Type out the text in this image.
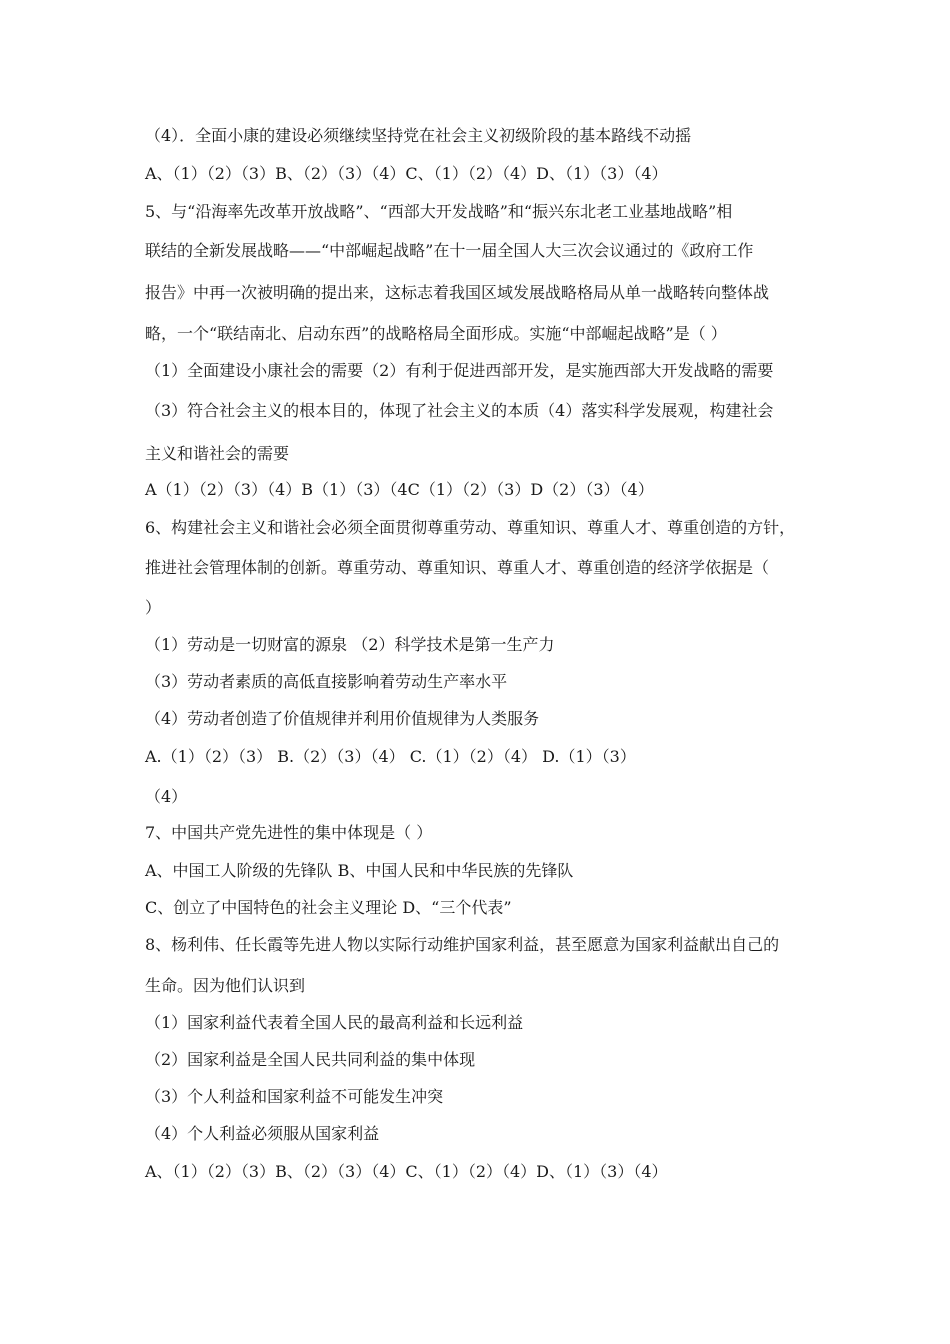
（4）．全面小康的建设必须继续坚持党在社会主义初级阶段的基本路线不动摇
A、（1）（2）（3）B、（2）（3）（4）C、（1）（2）（4）D、（1）（3）（4）
5、与“沿海率先改革开放战略”、“西部大开发战略”和“振兴东北老工业基地战略”相
联结的全新发展战略——“中部崛起战略”在十一届全国人大三次会议通过的《政府工作
报告》中再一次被明确的提出来，这标志着我国区域发展战略格局从单一战略转向整体战
略，一个“联结南北、启动东西”的战略格局全面形成。实施“中部崛起战略”是（ ）
（1）全面建设小康社会的需要（2）有利于促进西部开发，是实施西部大开发战略的需要
（3）符合社会主义的根本目的，体现了社会主义的本质（4）落实科学发展观，构建社会
主义和谐社会的需要
A（1）（2）（3）（4）B（1）（3）（4C（1）（2）（3）D（2）（3）（4）
6、构建社会主义和谐社会必须全面贯彻尊重劳动、尊重知识、尊重人才、尊重创造的方针，
推进社会管理体制的创新。尊重劳动、尊重知识、尊重人才、尊重创造的经济学依据是（
）
（1）劳动是一切财富的源泉 （2）科学技术是第一生产力
（3）劳动者素质的高低直接影响着劳动生产率水平
（4）劳动者创造了价值规律并利用价值规律为人类服务
A.（1）（2）（3） B.（2）（3）（4） C.（1）（2）（4） D.（1）（3）
（4）
7、中国共产党先进性的集中体现是（ ）
A、中国工人阶级的先锋队 B、中国人民和中华民族的先锋队
C、创立了中国特色的社会主义理论 D、“三个代表”
8、杨利伟、任长霞等先进人物以实际行动维护国家利益，甚至愿意为国家利益献出自己的
生命。因为他们认识到
（1）国家利益代表着全国人民的最高利益和长远利益
（2）国家利益是全国人民共同利益的集中体现
（3）个人利益和国家利益不可能发生冲突
（4）个人利益必须服从国家利益
A、（1）（2）（3）B、（2）（3）（4）C、（1）（2）（4）D、（1）（3）（4）
